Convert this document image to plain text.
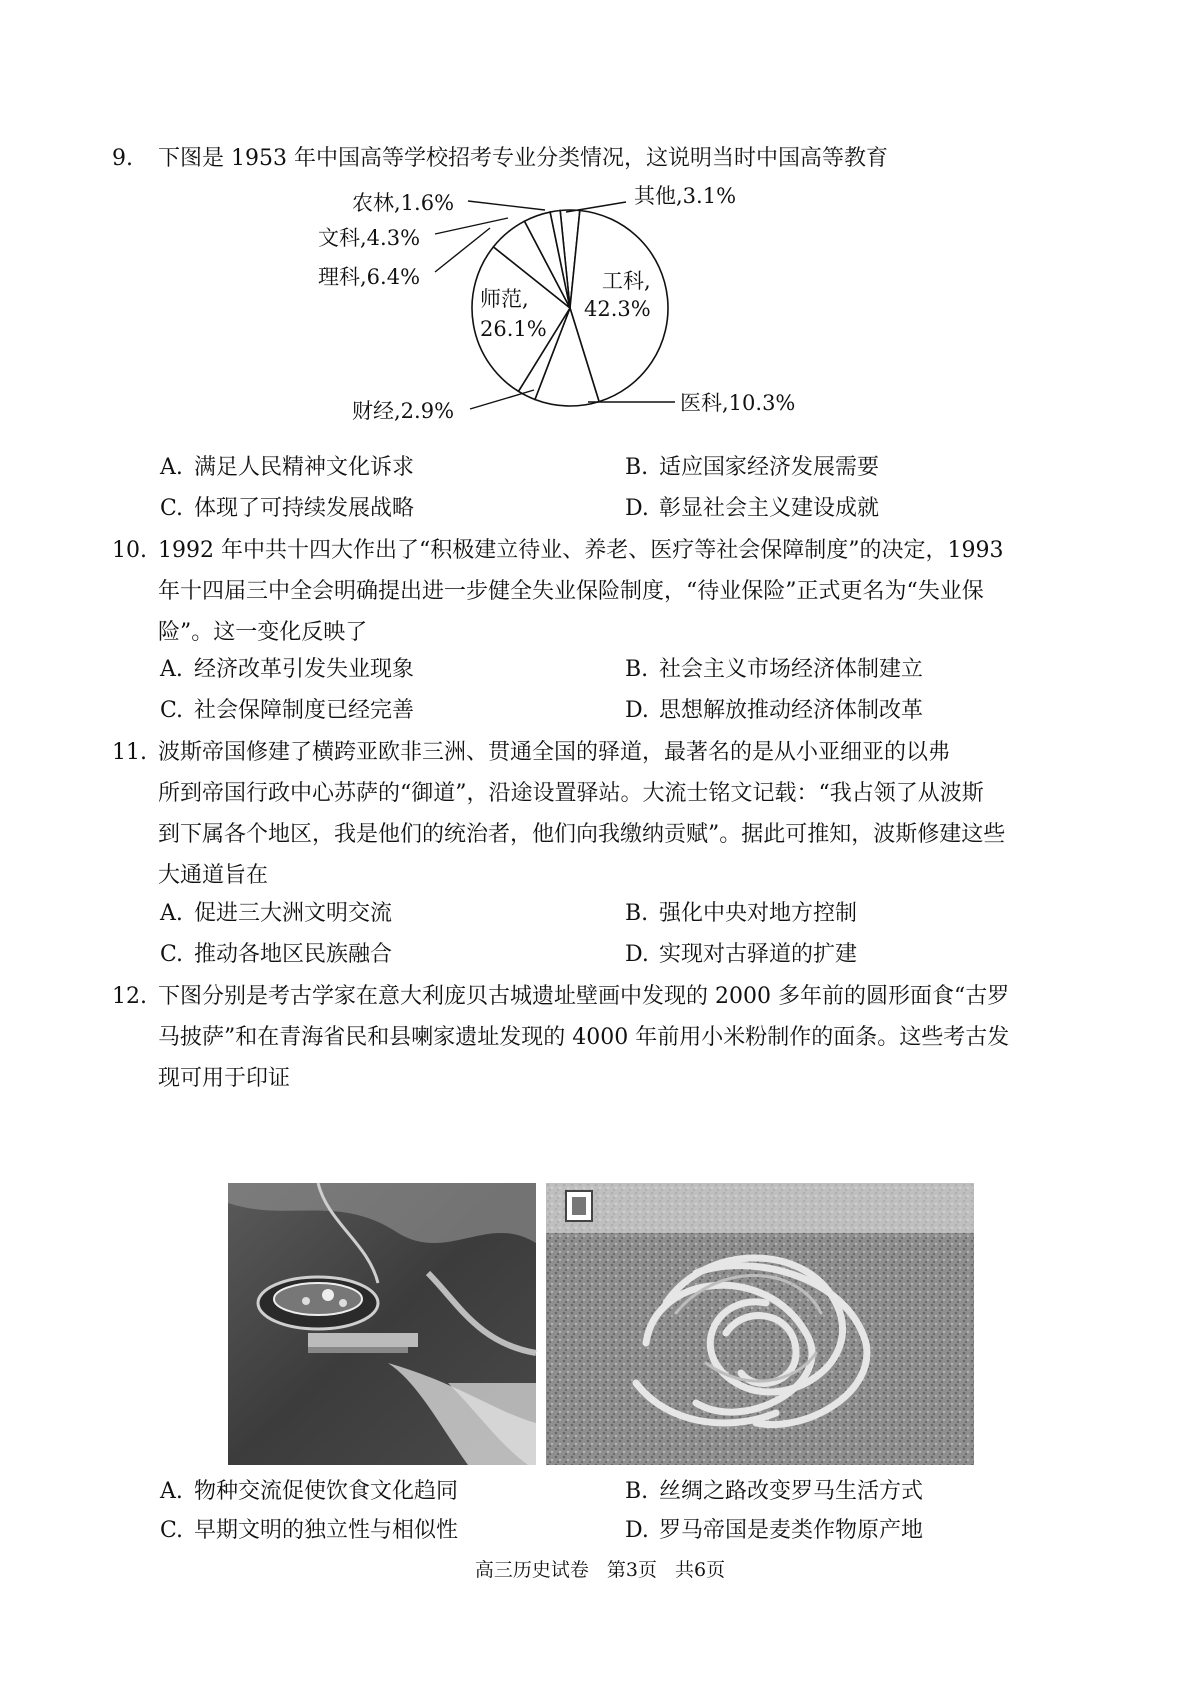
9. 下图是 1953 年中国高等学校招考专业分类情况，这说明当时中国高等教育
其他,3.1%
工科,
42.3%
医科,10.3%
财经,2.9%
师范,
26.1%
理科,6.4%
文科,4.3%
农林,1.6%
A. 满足人民精神文化诉求	B. 适应国家经济发展需要
C. 体现了可持续发展战略	D. 彰显社会主义建设成就
10. 1992 年中共十四大作出了“积极建立待业、养老、医疗等社会保障制度”的决定，1993
年十四届三中全会明确提出进一步健全失业保险制度，“待业保险”正式更名为“失业保
险”。这一变化反映了
A. 经济改革引发失业现象	B. 社会主义市场经济体制建立
C. 社会保障制度已经完善	D. 思想解放推动经济体制改革
11. 波斯帝国修建了横跨亚欧非三洲、贯通全国的驿道，最著名的是从小亚细亚的以弗
所到帝国行政中心苏萨的“御道”，沿途设置驿站。大流士铭文记载：“我占领了从波斯
到下属各个地区，我是他们的统治者，他们向我缴纳贡赋”。据此可推知，波斯修建这些
大通道旨在
A. 促进三大洲文明交流	B. 强化中央对地方控制
C. 推动各地区民族融合	D. 实现对古驿道的扩建
12. 下图分别是考古学家在意大利庞贝古城遗址壁画中发现的 2000 多年前的圆形面食“古罗
马披萨”和在青海省民和县喇家遗址发现的 4000 年前用小米粉制作的面条。这些考古发
现可用于印证
A. 物种交流促使饮食文化趋同	B. 丝绸之路改变罗马生活方式
C. 早期文明的独立性与相似性	D. 罗马帝国是麦类作物原产地
高三历史试卷 第3页 共6页
